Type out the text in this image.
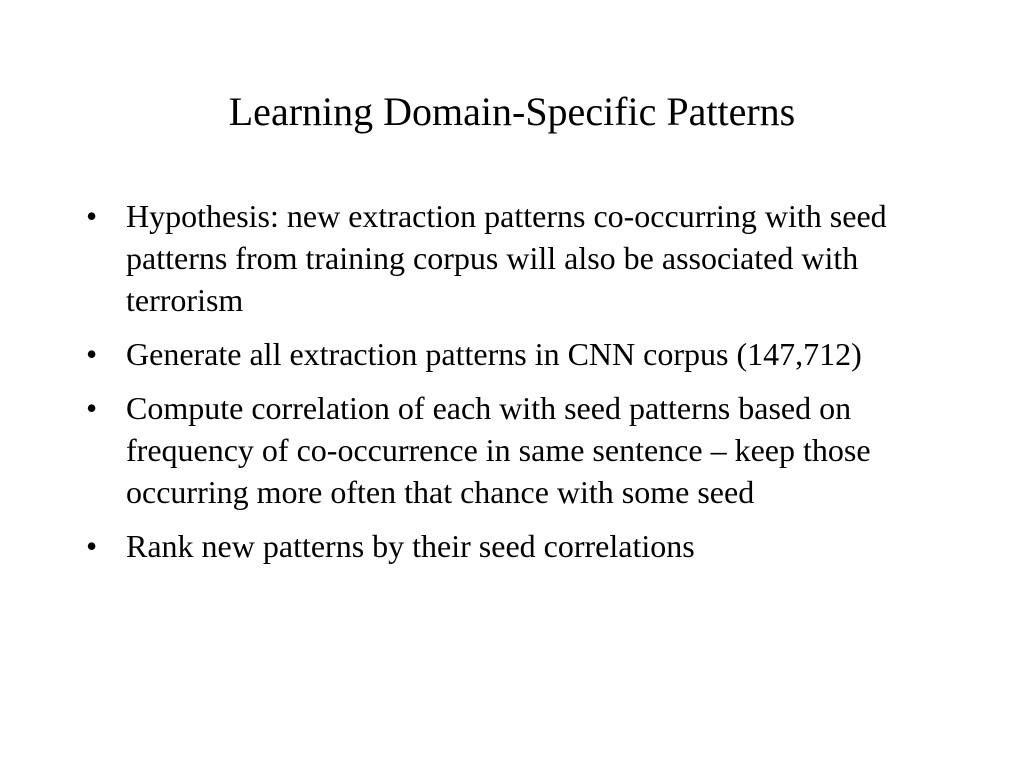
Learning Domain-Specific Patterns
• Hypothesis: new extraction patterns co-occurring with seed patterns from training corpus will also be associated with terrorism
• Generate all extraction patterns in CNN corpus (147,712)
• Compute correlation of each with seed patterns based on frequency of co-occurrence in same sentence – keep those occurring more often that chance with some seed
• Rank new patterns by their seed correlations
